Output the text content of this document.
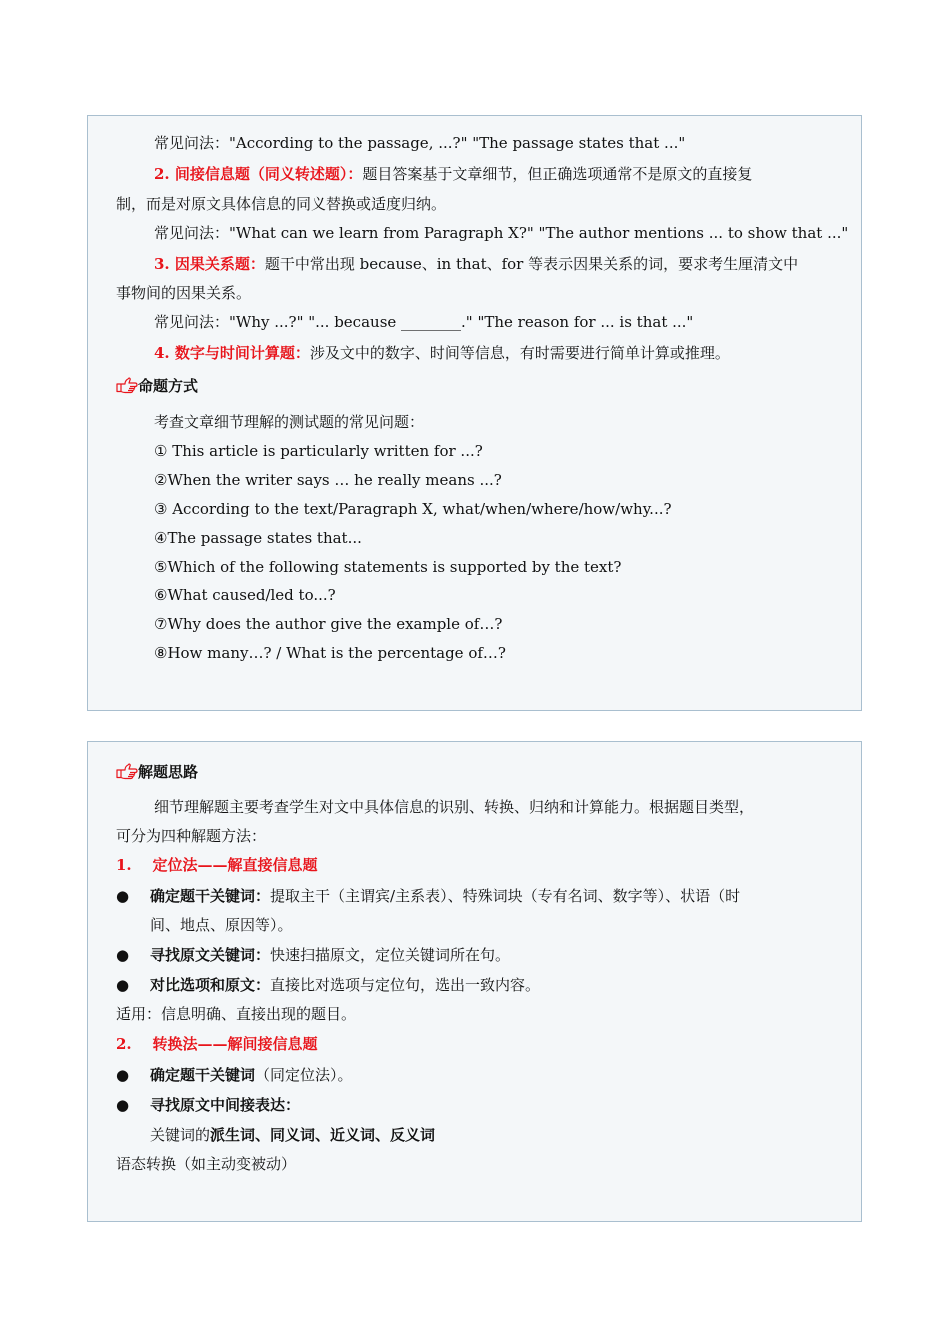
常见问法："According to the passage, ...?" "The passage states that ..."
2. 间接信息题（同义转述题）：题目答案基于文章细节，但正确选项通常不是原文的直接复
制，而是对原文具体信息的同义替换或适度归纳。
常见问法："What can we learn from Paragraph X?" "The author mentions ... to show that ..."
3. 因果关系题：题干中常出现 because、in that、for 等表示因果关系的词，要求考生厘清文中
事物间的因果关系。
常见问法："Why ...?" "... because ________." "The reason for ... is that ..."
4. 数字与时间计算题：涉及文中的数字、时间等信息，有时需要进行简单计算或推理。
命题方式
考查文章细节理解的测试题的常见问题：
① This article is particularly written for ...?
②When the writer says … he really means ...?
③ According to the text/Paragraph X, what/when/where/how/why...?
④The passage states that...
⑤Which of the following statements is supported by the text?
⑥What caused/led to...?
⑦Why does the author give the example of…?
⑧How many…? / What is the percentage of…?
解题思路
细节理解题主要考查学生对文中具体信息的识别、转换、归纳和计算能力。根据题目类型，
可分为四种解题方法：
1.    定位法——解直接信息题
● 确定题干关键词：提取主干（主谓宾/主系表）、特殊词块（专有名词、数字等）、状语（时
间、地点、原因等）。
● 寻找原文关键词：快速扫描原文，定位关键词所在句。
● 对比选项和原文：直接比对选项与定位句，选出一致内容。
适用：信息明确、直接出现的题目。
2.    转换法——解间接信息题
● 确定题干关键词（同定位法）。
● 寻找原文中间接表达：
关键词的派生词、同义词、近义词、反义词
语态转换（如主动变被动）
